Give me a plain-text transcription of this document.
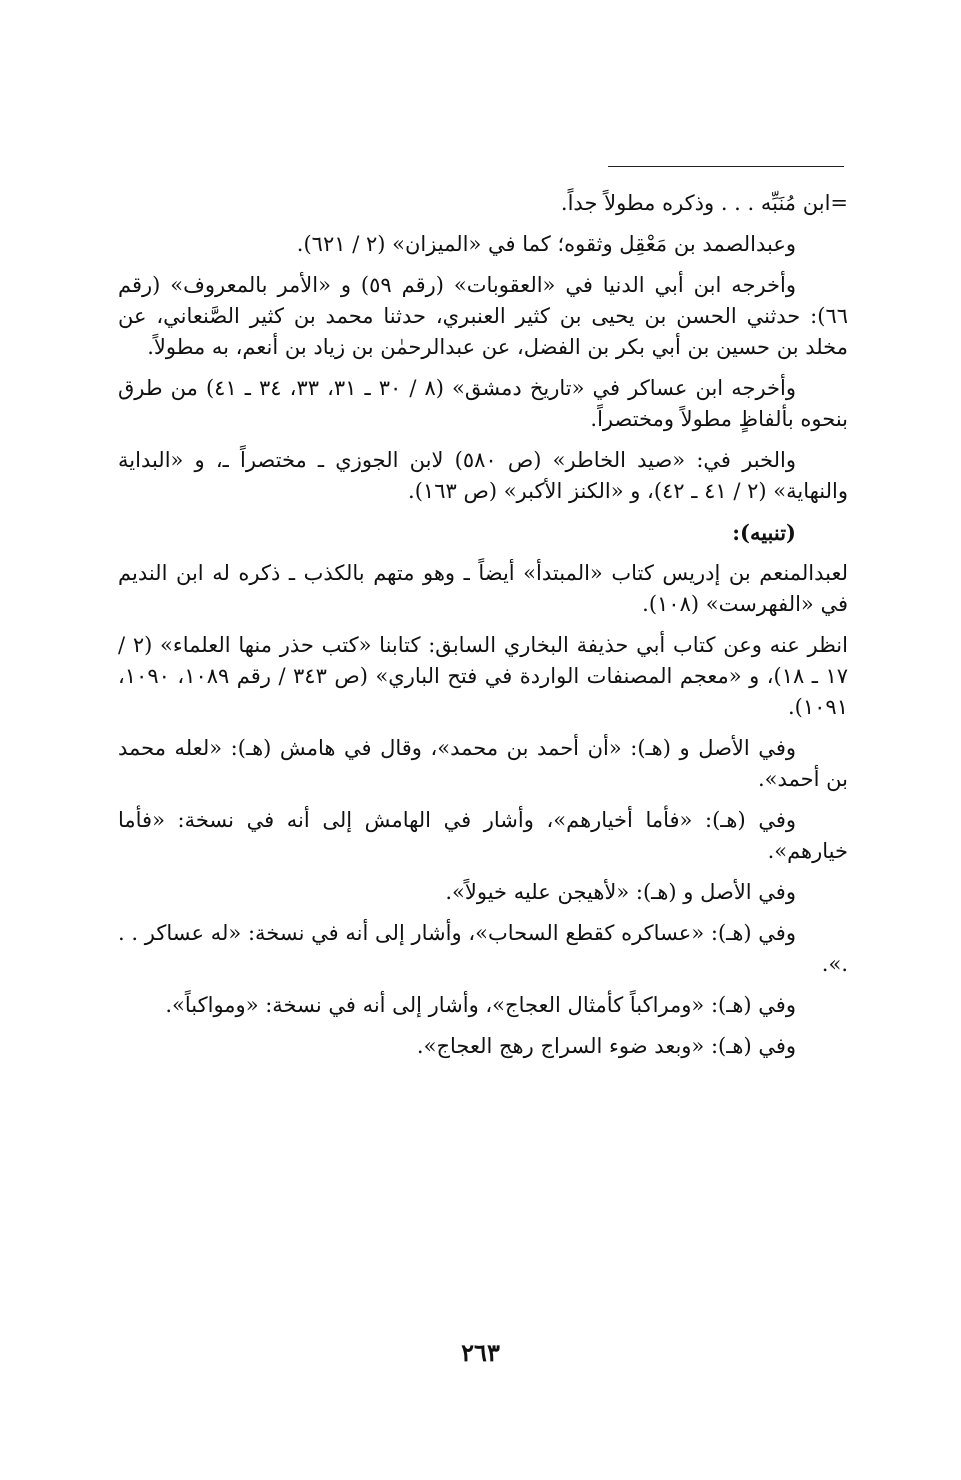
=ابن مُنَبِّه . . . وذكره مطولاً جداً.

وعبدالصمد بن مَعْقِل وثقوه؛ كما في «الميزان» (٢ / ٦٢١).

وأخرجه ابن أبي الدنيا في «العقوبات» (رقم ٥٩) و «الأمر بالمعروف» (رقم ٦٦): حدثني الحسن بن يحيى بن كثير العنبري، حدثنا محمد بن كثير الصَّنعاني، عن مخلد بن حسين بن أبي بكر بن الفضل، عن عبدالرحمٰن بن زياد بن أنعم، به مطولاً.

وأخرجه ابن عساكر في «تاريخ دمشق» (٨ / ٣٠ ـ ٣١، ٣٣، ٣٤ ـ ٤١) من طرق بنحوه بألفاظٍ مطولاً ومختصراً.

والخبر في: «صيد الخاطر» (ص ٥٨٠) لابن الجوزي ـ مختصراً ـ، و «البداية والنهاية» (٢ / ٤١ ـ ٤٢)، و «الكنز الأكبر» (ص ١٦٣).

(تنبيه):

لعبدالمنعم بن إدريس كتاب «المبتدأ» أيضاً ـ وهو متهم بالكذب ـ ذكره له ابن النديم في «الفهرست» (١٠٨).

انظر عنه وعن كتاب أبي حذيفة البخاري السابق: كتابنا «كتب حذر منها العلماء» (٢ / ١٧ ـ ١٨)، و «معجم المصنفات الواردة في فتح الباري» (ص ٣٤٣ / رقم ١٠٨٩، ١٠٩٠، ١٠٩١).

وفي الأصل و (هـ): «أن أحمد بن محمد»، وقال في هامش (هـ): «لعله محمد بن أحمد».

وفي (هـ): «فأما أخيارهم»، وأشار في الهامش إلى أنه في نسخة: «فأما خيارهم».

وفي الأصل و (هـ): «لأهيجن عليه خيولاً».

وفي (هـ): «عساكره كقطع السحاب»، وأشار إلى أنه في نسخة: «له عساكر . . .».

وفي (هـ): «ومراكباً كأمثال العجاج»، وأشار إلى أنه في نسخة: «ومواكباً».

وفي (هـ): «وبعد ضوء السراج رهج العجاج».

٢٦٣
